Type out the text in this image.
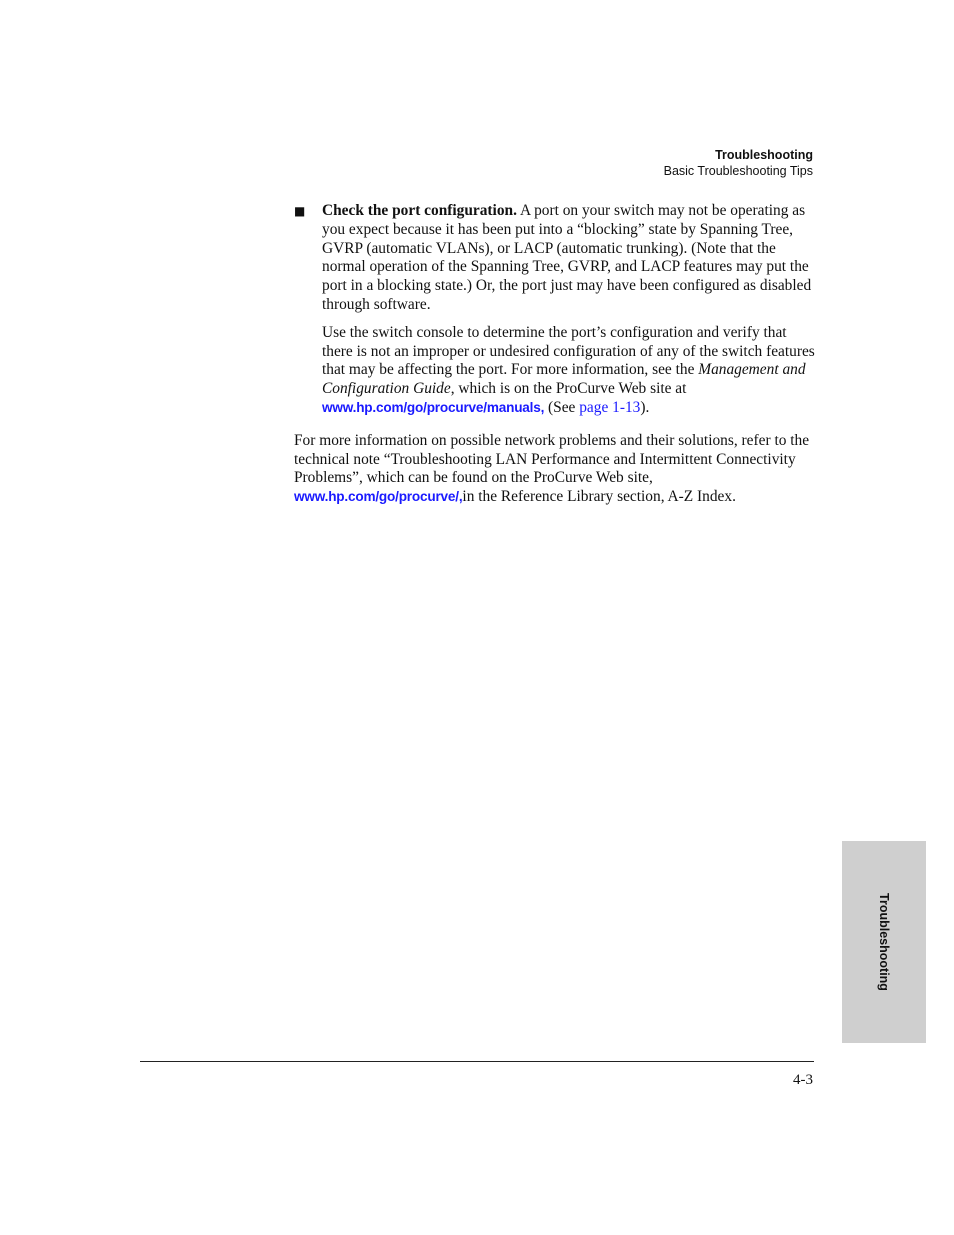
Troubleshooting
Basic Troubleshooting Tips
■ Check the port configuration. A port on your switch may not be operating as you expect because it has been put into a “blocking” state by Spanning Tree, GVRP (automatic VLANs), or LACP (automatic trunking). (Note that the normal operation of the Spanning Tree, GVRP, and LACP features may put the port in a blocking state.) Or, the port just may have been configured as disabled through software.

Use the switch console to determine the port’s configuration and verify that there is not an improper or undesired configuration of any of the switch features that may be affecting the port. For more information, see the Management and Configuration Guide, which is on the ProCurve Web site at www.hp.com/go/procurve/manuals, (See page 1-13).

For more information on possible network problems and their solutions, refer to the technical note “Troubleshooting LAN Performance and Intermittent Connectivity Problems”, which can be found on the ProCurve Web site, www.hp.com/go/procurve/,in the Reference Library section, A-Z Index.

Troubleshooting
4-3
